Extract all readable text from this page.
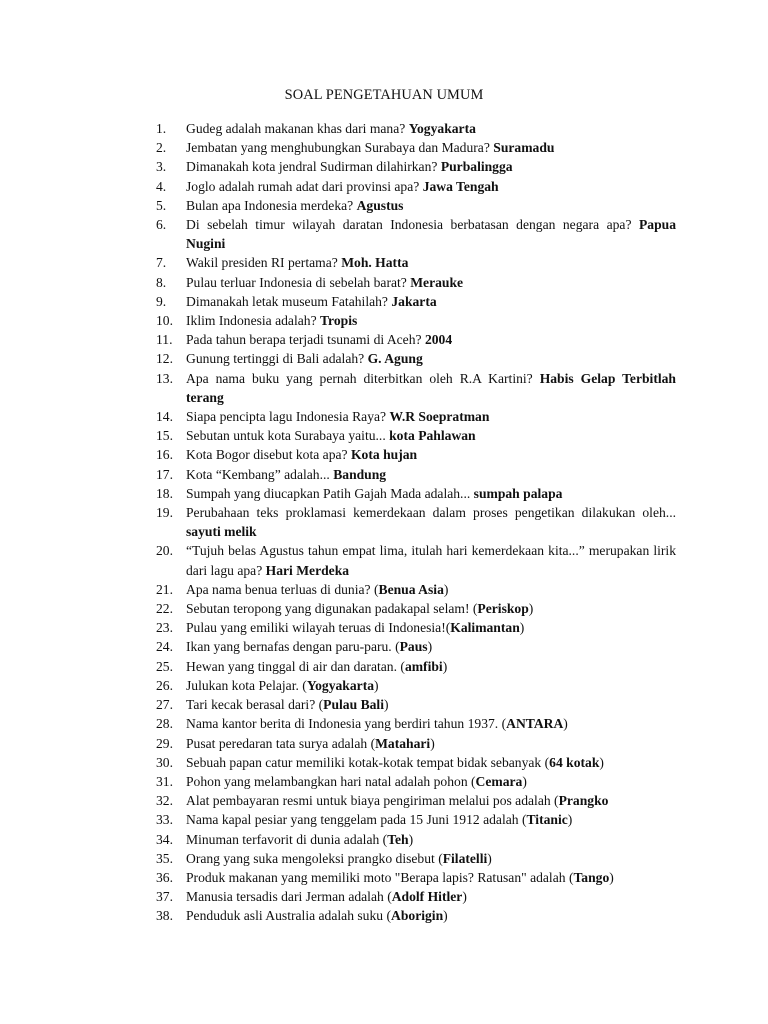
SOAL PENGETAHUAN UMUM
1.	Gudeg adalah makanan khas dari mana? Yogyakarta
2.	Jembatan yang menghubungkan Surabaya dan Madura? Suramadu
3.	Dimanakah kota jendral Sudirman dilahirkan? Purbalingga
4.	Joglo adalah rumah adat dari provinsi apa? Jawa Tengah
5.	Bulan apa Indonesia merdeka? Agustus
6.	Di sebelah timur wilayah daratan Indonesia berbatasan dengan negara apa? Papua Nugini
7.	Wakil presiden RI pertama? Moh. Hatta
8.	Pulau terluar Indonesia di sebelah barat? Merauke
9.	Dimanakah letak museum Fatahilah? Jakarta
10. Iklim Indonesia adalah? Tropis
11. Pada tahun berapa terjadi tsunami di Aceh? 2004
12. Gunung tertinggi di Bali adalah? G. Agung
13. Apa nama buku yang pernah diterbitkan oleh R.A Kartini? Habis Gelap Terbitlah terang
14. Siapa pencipta lagu Indonesia Raya? W.R Soepratman
15. Sebutan untuk kota Surabaya yaitu... kota Pahlawan
16. Kota Bogor disebut kota apa? Kota hujan
17. Kota “Kembang” adalah... Bandung
18. Sumpah yang diucapkan Patih Gajah Mada adalah... sumpah palapa
19. Perubahaan teks proklamasi kemerdekaan dalam proses pengetikan dilakukan oleh... sayuti melik
20. “Tujuh belas Agustus tahun empat lima, itulah hari kemerdekaan kita...” merupakan lirik dari lagu apa? Hari Merdeka
21. Apa nama benua terluas di dunia? (Benua Asia)
22. Sebutan teropong yang digunakan padakapal selam! (Periskop)
23. Pulau yang emiliki wilayah teruas di Indonesia!(Kalimantan)
24. Ikan yang bernafas dengan paru-paru. (Paus)
25. Hewan yang tinggal di air dan daratan. (amfibi)
26. Julukan kota Pelajar. (Yogyakarta)
27. Tari kecak berasal dari? (Pulau Bali)
28. Nama kantor berita di Indonesia yang berdiri tahun 1937. (ANTARA)
29. Pusat peredaran tata surya adalah (Matahari)
30. Sebuah papan catur memiliki kotak-kotak tempat bidak sebanyak (64 kotak)
31. Pohon yang melambangkan hari natal adalah pohon (Cemara)
32. Alat pembayaran resmi untuk biaya pengiriman melalui pos adalah (Prangko
33. Nama kapal pesiar yang tenggelam pada 15 Juni 1912 adalah (Titanic)
34. Minuman terfavorit di dunia adalah (Teh)
35. Orang yang suka mengoleksi prangko disebut (Filatelli)
36. Produk makanan yang memiliki moto "Berapa lapis? Ratusan" adalah (Tango)
37. Manusia tersadis dari Jerman adalah (Adolf Hitler)
38. Penduduk asli Australia adalah suku (Aborigin)
